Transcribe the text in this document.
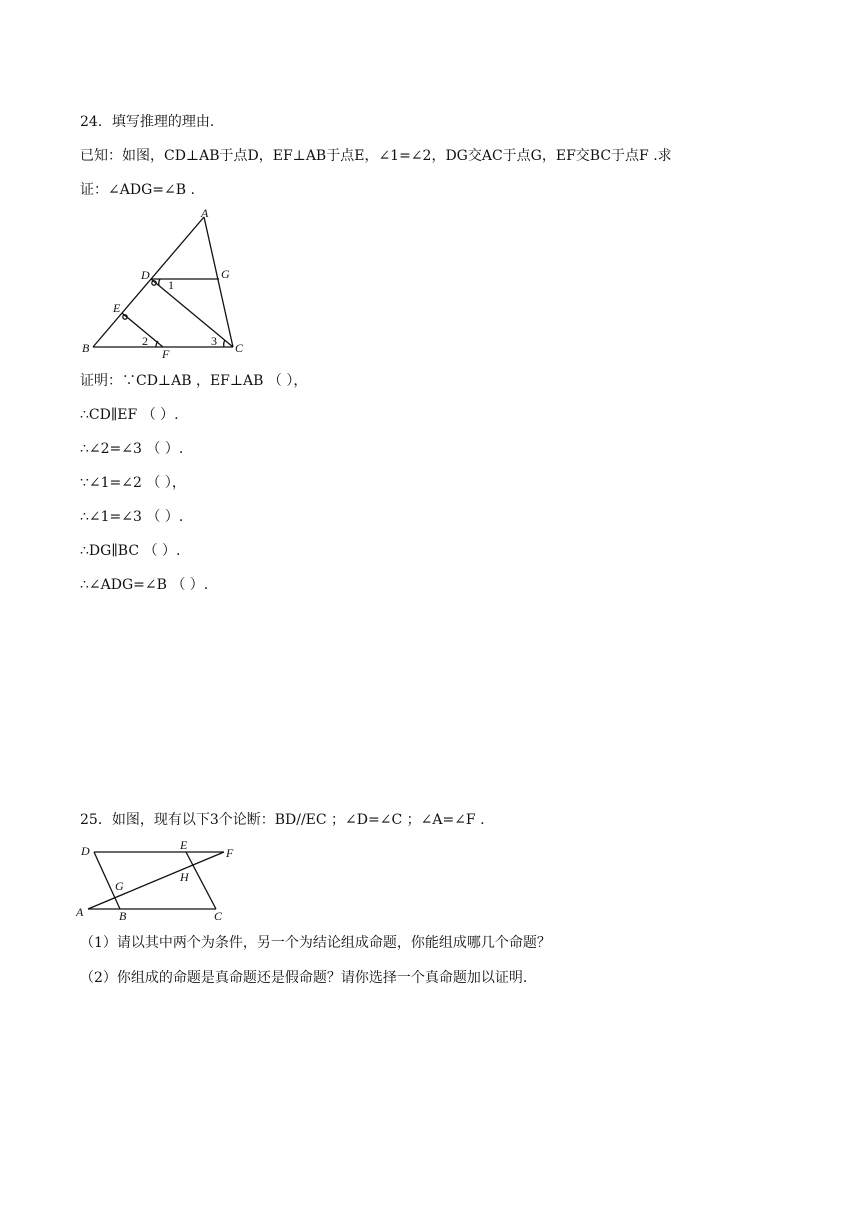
24．填写推理的理由.
已知：如图，CD⊥AB于点D，EF⊥AB于点E，∠1=∠2，DG交AC于点G，EF交BC于点F .求
证：∠ADG=∠B .
A
B	C
D
E
F
G
1
2	3
证明：∵CD⊥AB ，EF⊥AB （ ），
∴CD∥EF （ ）.
∴∠2=∠3 （ ）.
∵∠1=∠2 （ ），
∴∠1=∠3 （ ）.
∴DG∥BC （ ）.
∴∠ADG=∠B （ ）.
25．如图，现有以下3个论断：BD//EC ；∠D=∠C ；∠A=∠F .
D	E
F
G
H
A	B	C
（1）请以其中两个为条件，另一个为结论组成命题，你能组成哪几个命题？
（2）你组成的命题是真命题还是假命题？请你选择一个真命题加以证明.
